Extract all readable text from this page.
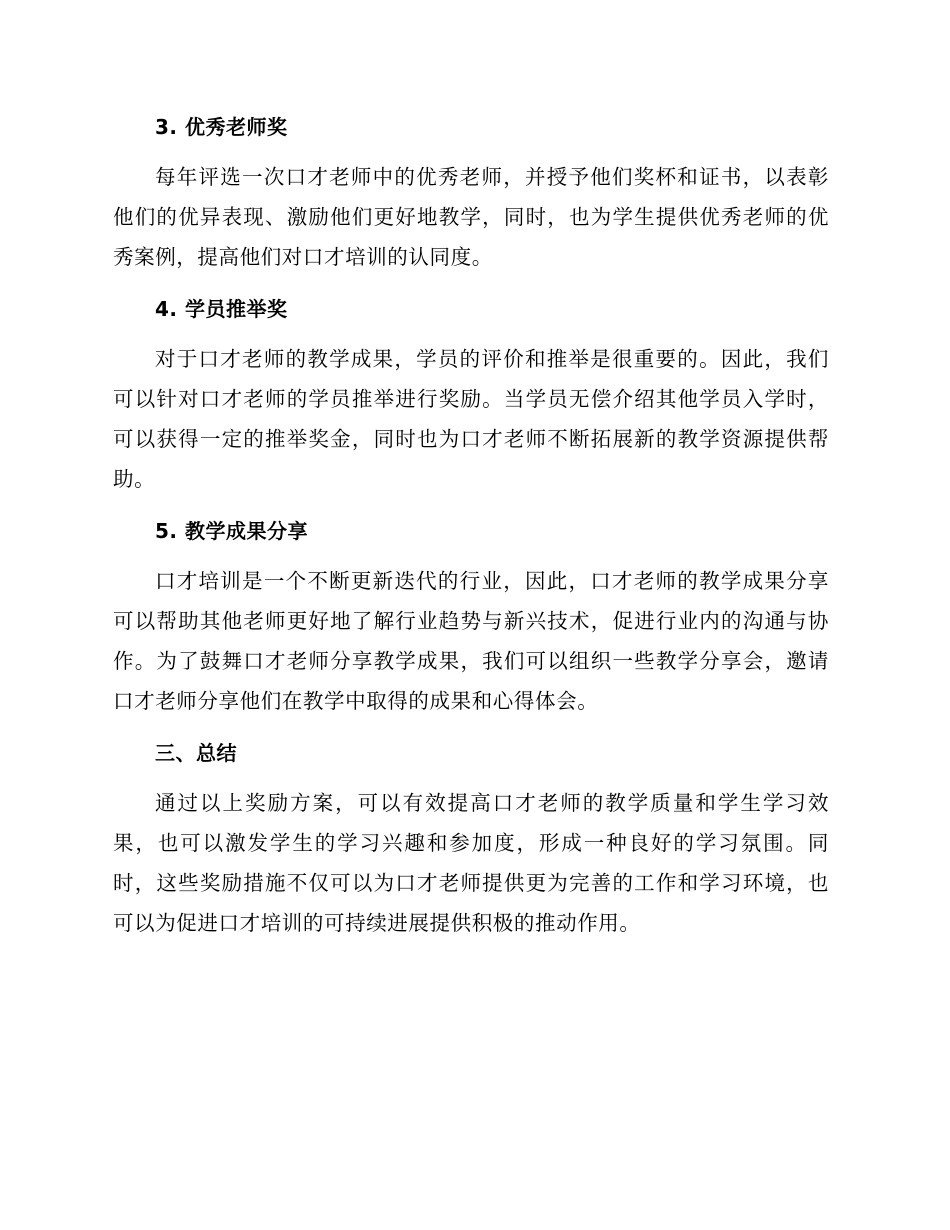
3. 优秀老师奖

每年评选一次口才老师中的优秀老师，并授予他们奖杯和证书，以表彰他们的优异表现、激励他们更好地教学，同时，也为学生提供优秀老师的优秀案例，提高他们对口才培训的认同度。

4. 学员推举奖

对于口才老师的教学成果，学员的评价和推举是很重要的。因此，我们可以针对口才老师的学员推举进行奖励。当学员无偿介绍其他学员入学时，可以获得一定的推举奖金，同时也为口才老师不断拓展新的教学资源提供帮助。

5. 教学成果分享

口才培训是一个不断更新迭代的行业，因此，口才老师的教学成果分享可以帮助其他老师更好地了解行业趋势与新兴技术，促进行业内的沟通与协作。为了鼓舞口才老师分享教学成果，我们可以组织一些教学分享会，邀请口才老师分享他们在教学中取得的成果和心得体会。

三、总结

通过以上奖励方案，可以有效提高口才老师的教学质量和学生学习效果，也可以激发学生的学习兴趣和参加度，形成一种良好的学习氛围。同时，这些奖励措施不仅可以为口才老师提供更为完善的工作和学习环境，也可以为促进口才培训的可持续进展提供积极的推动作用。
